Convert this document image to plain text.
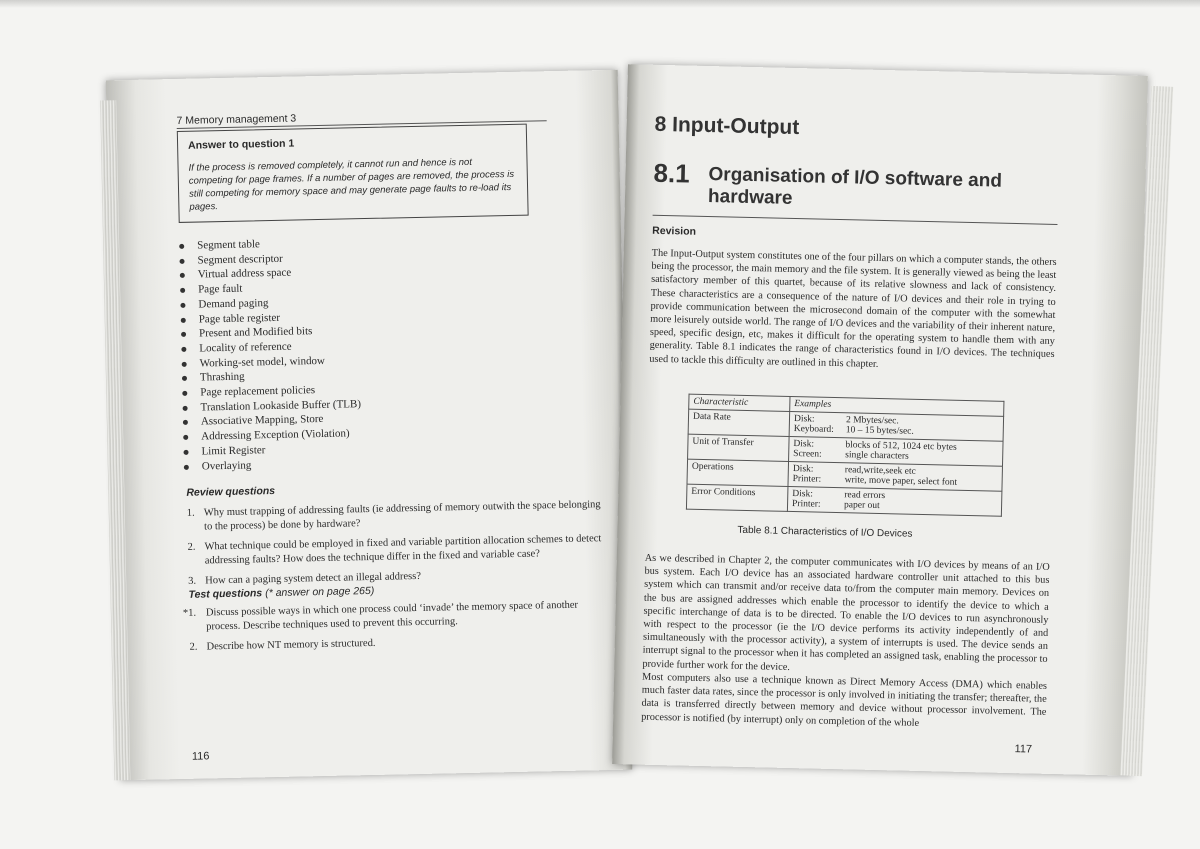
7 Memory management 3
Answer to question 1
If the process is removed completely, it cannot run and hence is not competing for page frames. If a number of pages are removed, the process is still competing for memory space and may generate page faults to re-load its pages.
Segment table
Segment descriptor
Virtual address space
Page fault
Demand paging
Page table register
Present and Modified bits
Locality of reference
Working-set model, window
Thrashing
Page replacement policies
Translation Lookaside Buffer (TLB)
Associative Mapping, Store
Addressing Exception (Violation)
Limit Register
Overlaying
Review questions
1. Why must trapping of addressing faults (ie addressing of memory outwith the space belonging to the process) be done by hardware?
2. What technique could be employed in fixed and variable partition allocation schemes to detect addressing faults? How does the technique differ in the fixed and variable case?
3. How can a paging system detect an illegal address?
Test questions (* answer on page 265)
*1. Discuss possible ways in which one process could ‘invade’ the memory space of another process. Describe techniques used to prevent this occurring.
2. Describe how NT memory is structured.
116
8 Input-Output
8.1 Organisation of I/O software and hardware
Revision

The Input-Output system constitutes one of the four pillars on which a computer stands, the others being the processor, the main memory and the file system. It is generally viewed as being the least satisfactory member of this quartet, because of its relative slowness and lack of consistency. These characteristics are a consequence of the nature of I/O devices and their role in trying to provide communication between the microsecond domain of the computer with the somewhat more leisurely outside world. The range of I/O devices and the variability of their inherent nature, speed, specific design, etc, makes it difficult for the operating system to handle them with any generality. Table 8.1 indicates the range of characteristics found in I/O devices. The techniques used to tackle this difficulty are outlined in this chapter.

Characteristic	Examples
Data Rate	Disk: 2 Mbytes/sec.
Keyboard: 10 – 15 bytes/sec.

Unit of Transfer	Disk: blocks of 512, 1024 etc bytes
Screen: single characters

Operations	Disk: read,write,seek etc
Printer: write, move paper, select font

Error Conditions	Disk: read errors
Printer: paper out
Table 8.1 Characteristics of I/O Devices

As we described in Chapter 2, the computer communicates with I/O devices by means of an I/O bus system. Each I/O device has an associated hardware controller unit attached to this bus system which can transmit and/or receive data to/from the computer main memory. Devices on the bus are assigned addresses which enable the processor to identify the device to which a specific interchange of data is to be directed. To enable the I/O devices to run asynchronously with respect to the processor (ie the I/O device performs its activity independently of and simultaneously with the processor activity), a system of interrupts is used. The device sends an interrupt signal to the processor when it has completed an assigned task, enabling the processor to provide further work for the device.

Most computers also use a technique known as Direct Memory Access (DMA) which enables much faster data rates, since the processor is only involved in initiating the transfer; thereafter, the data is transferred directly between memory and device without processor involvement. The processor is notified (by interrupt) only on completion of the whole

117
